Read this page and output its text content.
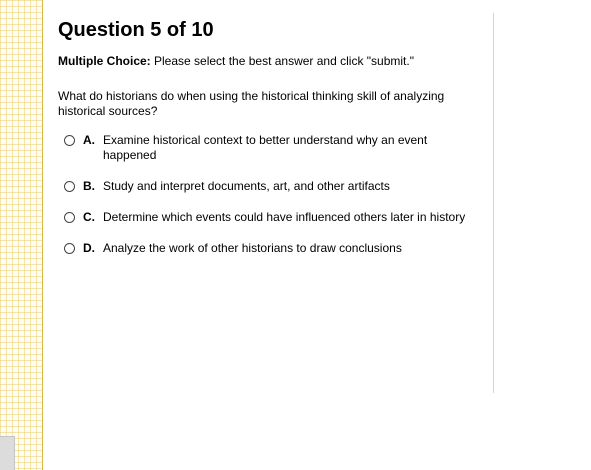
Question 5 of 10
Multiple Choice: Please select the best answer and click "submit."
What do historians do when using the historical thinking skill of analyzing historical sources?
A. Examine historical context to better understand why an event happened
B. Study and interpret documents, art, and other artifacts
C. Determine which events could have influenced others later in history
D. Analyze the work of other historians to draw conclusions
